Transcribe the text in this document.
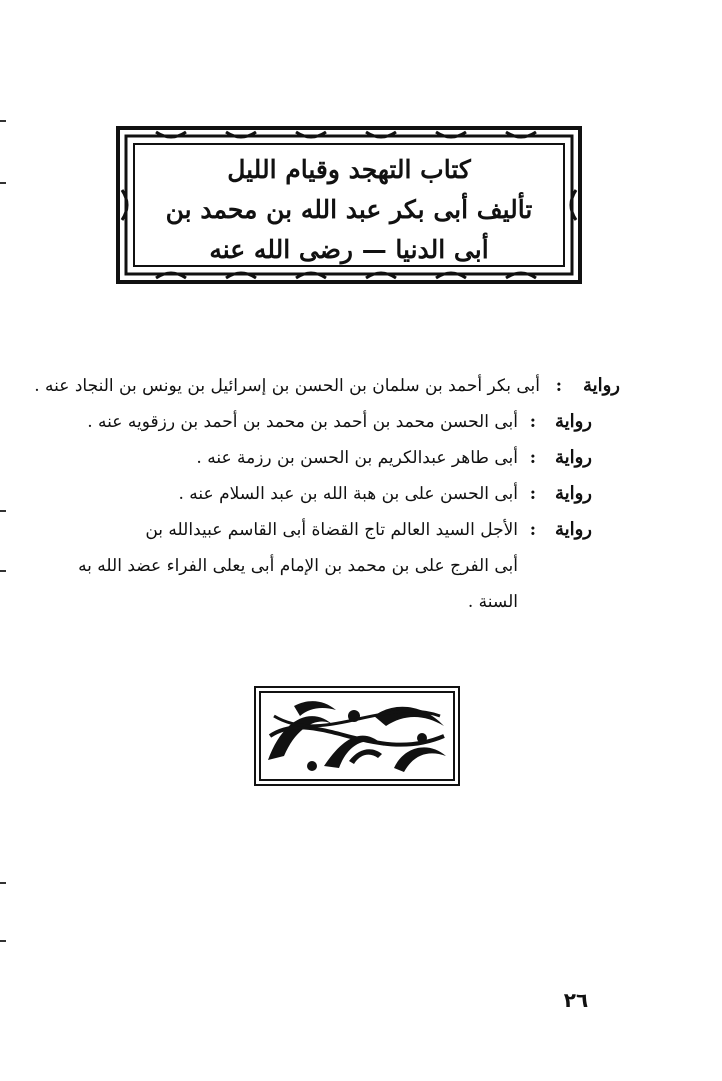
كتاب التهجد وقيام الليل
تأليف أبى بكر عبد الله بن محمد بن
أبى الدنيا — رضى الله عنه
رواية
:
أبى بكر أحمد بن سلمان بن الحسن بن إسرائيل بن يونس بن النجاد عنه .
رواية
:
أبى الحسن محمد بن أحمد بن محمد بن أحمد بن رزقويه عنه .
رواية
:
أبى طاهر عبدالكريم بن الحسن بن رزمة عنه .
رواية
:
أبى الحسن على بن هبة الله بن عبد السلام عنه .
رواية
:
الأجل السيد العالم تاج القضاة أبى القاسم عبيدالله بن
أبى الفرج على بن محمد بن الإمام أبى يعلى الفراء عضد الله به
السنة .
٢٦
